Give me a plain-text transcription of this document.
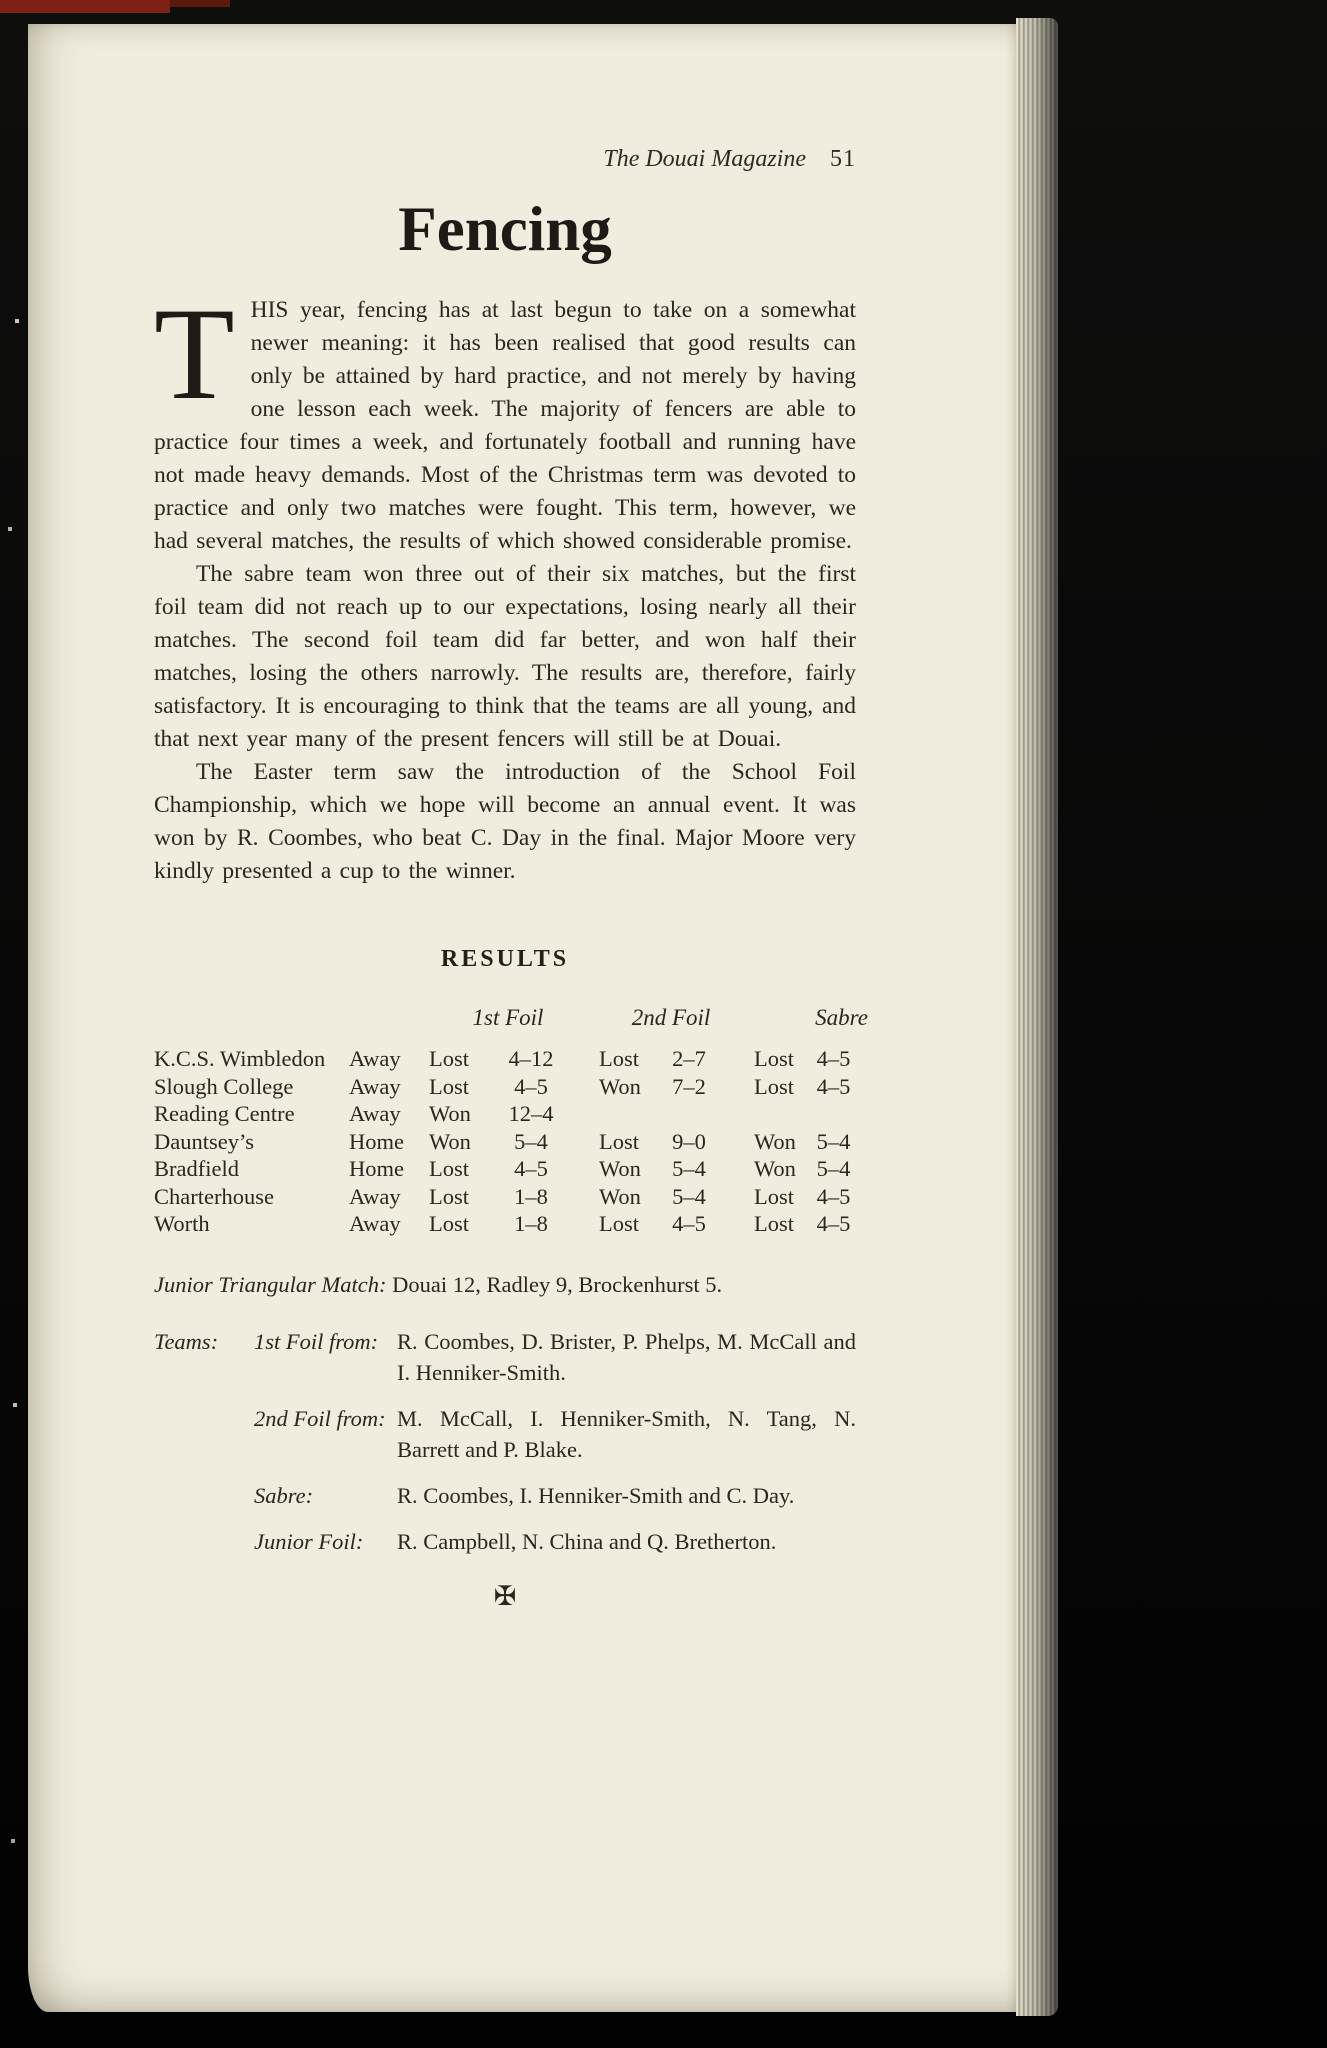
The Douai Magazine 51
Fencing

THIS year, fencing has at last begun to take on a somewhat newer meaning: it has been realised that good results can only be attained by hard practice, and not merely by having one lesson each week. The majority of fencers are able to practice four times a week, and fortunately football and running have not made heavy demands. Most of the Christmas term was devoted to practice and only two matches were fought. This term, however, we had several matches, the results of which showed considerable promise.

The sabre team won three out of their six matches, but the first foil team did not reach up to our expectations, losing nearly all their matches. The second foil team did far better, and won half their matches, losing the others narrowly. The results are, therefore, fairly satisfactory. It is encouraging to think that the teams are all young, and that next year many of the present fencers will still be at Douai.

The Easter term saw the introduction of the School Foil Championship, which we hope will become an annual event. It was won by R. Coombes, who beat C. Day in the final. Major Moore very kindly presented a cup to the winner.

RESULTS
1st Foil	2nd Foil	Sabre
K.C.S. Wimbledon	Away	Lost	4–12	Lost	2–7	Lost	4–5
Slough College	Away	Lost	4–5	Won	7–2	Lost	4–5
Reading Centre	Away	Won	12–4
Dauntsey’s	Home	Won	5–4	Lost	9–0	Won 5–4
Bradfield	Home	Lost	4–5	Won	5–4	Won 5–4
Charterhouse	Away	Lost	1–8	Won	5–4	Lost	4–5
Worth	Away	Lost	1–8	Lost	4–5	Lost	4–5
Junior Triangular Match: Douai 12, Radley 9, Brockenhurst 5.
Teams:	1st Foil from: R. Coombes, D. Brister, P. Phelps, M. McCall and
I. Henniker-Smith.
2nd Foil from: M. McCall, I. Henniker-Smith, N. Tang, N.
Barrett and P. Blake.
Sabre:	R. Coombes, I. Henniker-Smith and C. Day.
Junior Foil:	R. Campbell, N. China and Q. Bretherton.
✠
